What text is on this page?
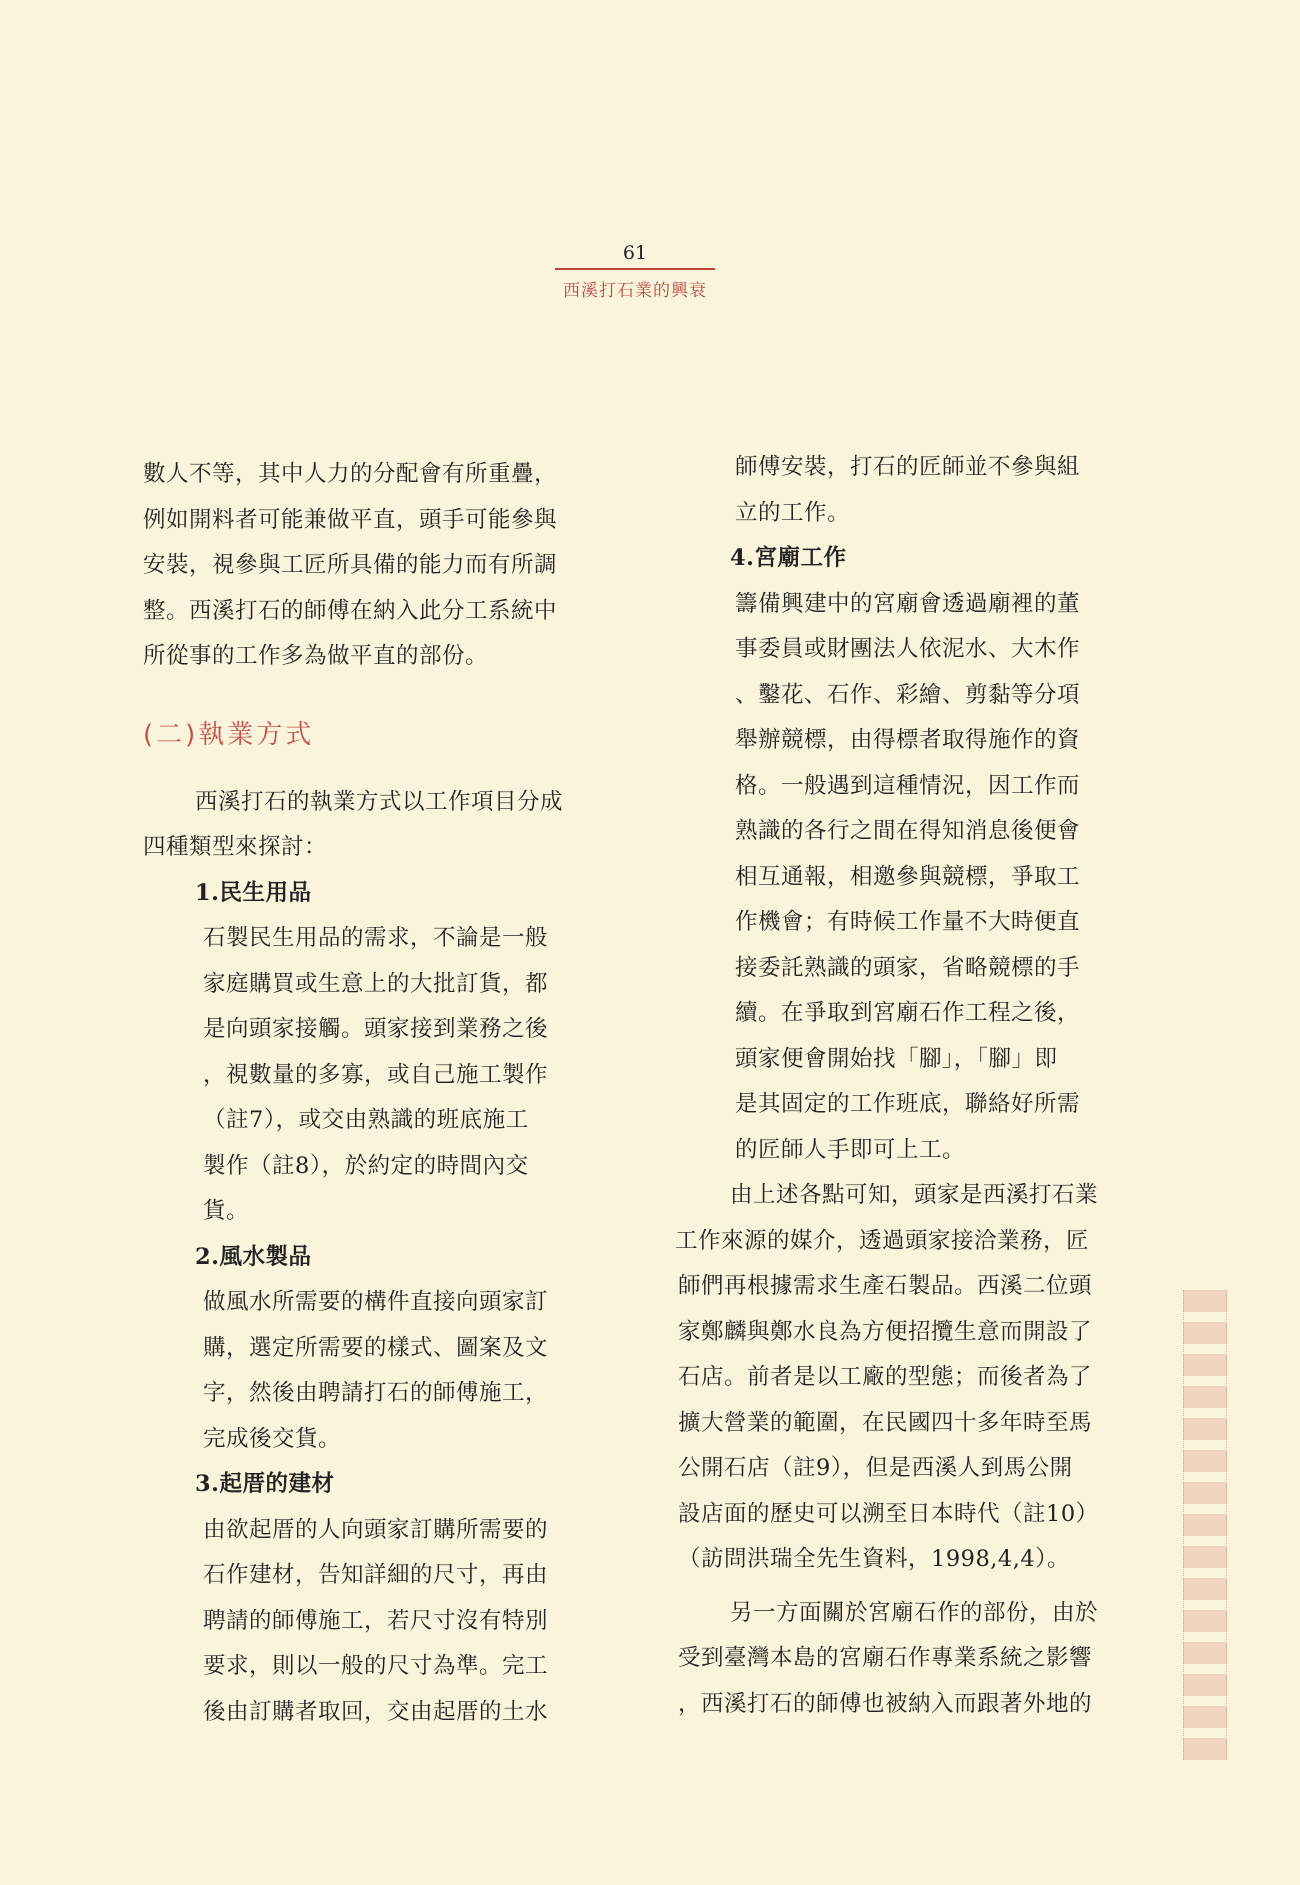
61
西溪打石業的興衰
數人不等，其中人力的分配會有所重疊，
例如開料者可能兼做平直，頭手可能參與
安裝，視參與工匠所具備的能力而有所調
整。西溪打石的師傅在納入此分工系統中
所從事的工作多為做平直的部份。
(二)執業方式
西溪打石的執業方式以工作項目分成
四種類型來探討：
1.民生用品
石製民生用品的需求，不論是一般
家庭購買或生意上的大批訂貨，都
是向頭家接觸。頭家接到業務之後
，視數量的多寡，或自己施工製作
（註7），或交由熟識的班底施工
製作（註8），於約定的時間內交
貨。
2.風水製品
做風水所需要的構件直接向頭家訂
購，選定所需要的樣式、圖案及文
字，然後由聘請打石的師傅施工，
完成後交貨。
3.起厝的建材
由欲起厝的人向頭家訂購所需要的
石作建材，告知詳細的尺寸，再由
聘請的師傅施工，若尺寸沒有特別
要求，則以一般的尺寸為準。完工
後由訂購者取回，交由起厝的土水
師傅安裝，打石的匠師並不參與組
立的工作。
4.宮廟工作
籌備興建中的宮廟會透過廟裡的董
事委員或財團法人依泥水、大木作
、鑿花、石作、彩繪、剪黏等分項
舉辦競標，由得標者取得施作的資
格。一般遇到這種情況，因工作而
熟識的各行之間在得知消息後便會
相互通報，相邀參與競標，爭取工
作機會；有時候工作量不大時便直
接委託熟識的頭家，省略競標的手
續。在爭取到宮廟石作工程之後，
頭家便會開始找「腳」，「腳」即
是其固定的工作班底，聯絡好所需
的匠師人手即可上工。
由上述各點可知，頭家是西溪打石業
工作來源的媒介，透過頭家接洽業務，匠
師們再根據需求生產石製品。西溪二位頭
家鄭麟與鄭水良為方便招攬生意而開設了
石店。前者是以工廠的型態；而後者為了
擴大營業的範圍，在民國四十多年時至馬
公開石店（註9），但是西溪人到馬公開
設店面的歷史可以溯至日本時代（註10）
（訪問洪瑞全先生資料，1998,4,4）。
另一方面關於宮廟石作的部份，由於
受到臺灣本島的宮廟石作專業系統之影響
，西溪打石的師傅也被納入而跟著外地的
